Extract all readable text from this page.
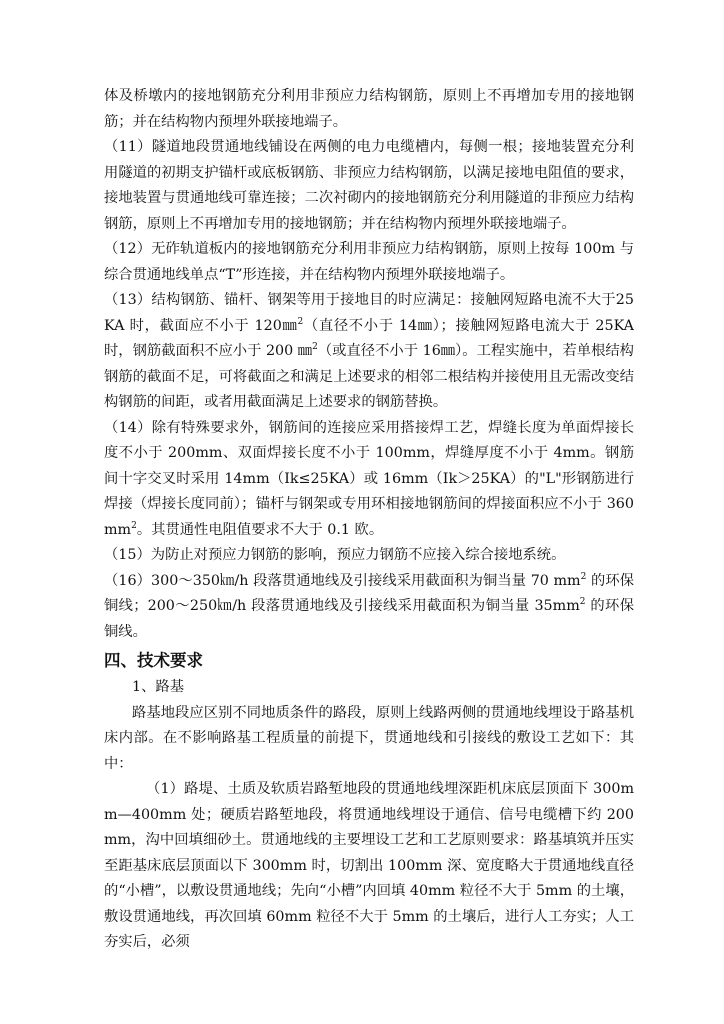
体及桥墩内的接地钢筋充分利用非预应力结构钢筋，原则上不再增加专用的接地钢筋；并在结构物内预埋外联接地端子。

（11）隧道地段贯通地线铺设在两侧的电力电缆槽内，每侧一根；接地装置充分利用隧道的初期支护锚杆或底板钢筋、非预应力结构钢筋，以满足接地电阻值的要求，接地装置与贯通地线可靠连接；二次衬砌内的接地钢筋充分利用隧道的非预应力结构钢筋，原则上不再增加专用的接地钢筋；并在结构物内预埋外联接地端子。

（12）无砟轨道板内的接地钢筋充分利用非预应力结构钢筋，原则上按每 100m 与综合贯通地线单点“T”形连接，并在结构物内预埋外联接地端子。

（13）结构钢筋、锚杆、钢架等用于接地目的时应满足：接触网短路电流不大于25KA 时，截面应不小于 120㎜$^2$（直径不小于 14㎜）；接触网短路电流大于 25KA 时，钢筋截面积不应小于 200 ㎜$^2$（或直径不小于 16㎜）。工程实施中，若单根结构钢筋的截面不足，可将截面之和满足上述要求的相邻二根结构并接使用且无需改变结构钢筋的间距，或者用截面满足上述要求的钢筋替换。

（14）除有特殊要求外，钢筋间的连接应采用搭接焊工艺，焊缝长度为单面焊接长度不小于 200mm、双面焊接长度不小于 100mm，焊缝厚度不小于 4mm。钢筋间十字交叉时采用 14mm（Ik≤25KA）或 16mm（Ik＞25KA）的"L"形钢筋进行焊接（焊接长度同前）；锚杆与钢架或专用环相接地钢筋间的焊接面积应不小于 $360mm^2$。其贯通性电阻值要求不大于 0.1 欧。

（15）为防止对预应力钢筋的影响，预应力钢筋不应接入综合接地系统。

（16）300～350㎞/h 段落贯通地线及引接线采用截面积为铜当量 70 $mm^2$ 的环保铜线；200～250㎞/h 段落贯通地线及引接线采用截面积为铜当量 $35mm^2$ 的环保铜线。

四、技术要求

1、路基

路基地段应区别不同地质条件的路段，原则上线路两侧的贯通地线埋设于路基机床内部。在不影响路基工程质量的前提下，贯通地线和引接线的敷设工艺如下：其中：

（1）路堤、土质及软质岩路堑地段的贯通地线埋深距机床底层顶面下 300mm—400mm 处；硬质岩路堑地段，将贯通地线埋设于通信、信号电缆槽下约 200mm，沟中回填细砂土。贯通地线的主要埋设工艺和工艺原则要求：路基填筑并压实至距基床底层顶面以下 300mm 时，切割出 100mm 深、宽度略大于贯通地线直径的“小槽”，以敷设贯通地线；先向“小槽”内回填 40mm 粒径不大于 5mm 的土壤，敷设贯通地线，再次回填 60mm 粒径不大于 5mm 的土壤后，进行人工夯实；人工夯实后，必须
